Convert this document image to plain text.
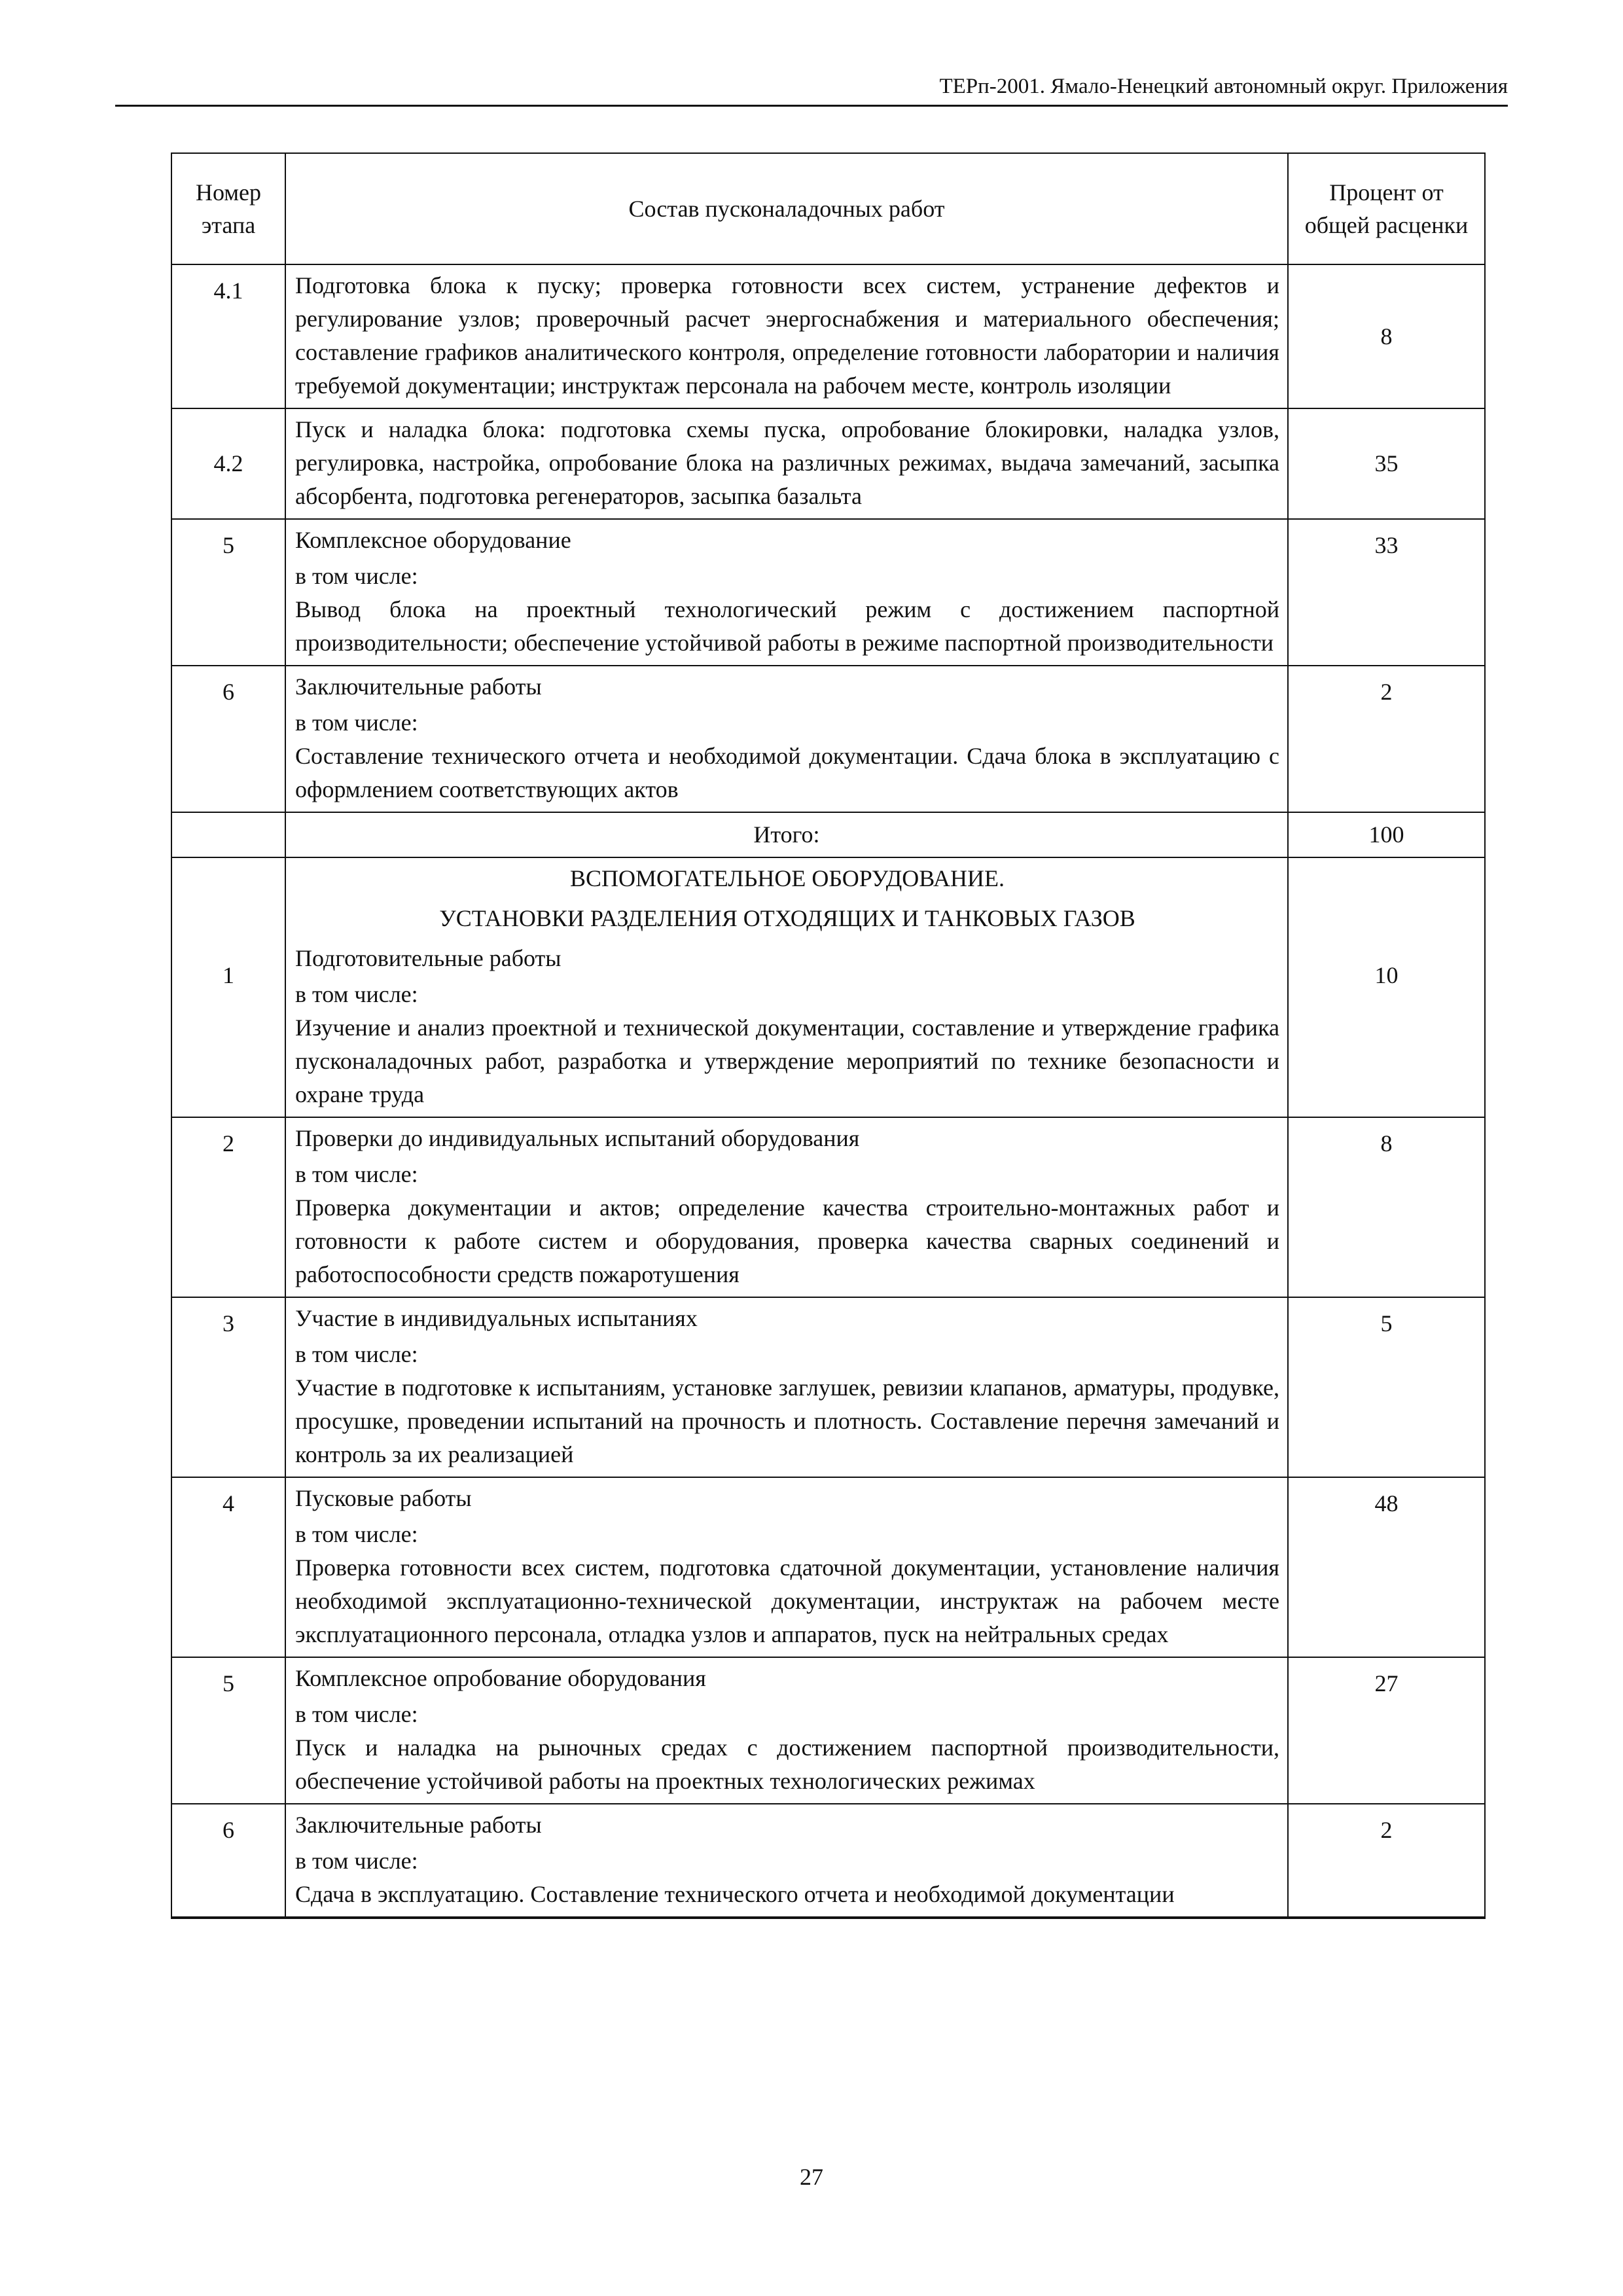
ТЕРп-2001. Ямало-Ненецкий автономный округ. Приложения
Номер этапа	Состав пусконаладочных работ	Процент от общей расценки
4.1	Подготовка блока к пуску; проверка готовности всех систем, устранение дефектов и регулирование узлов; проверочный расчет энергоснабжения и материального обеспечения; составление графиков аналитического контроля, определение готовности лаборатории и наличия требуемой документации; инструктаж персонала на рабочем месте, контроль изоляции	8
4.2	Пуск и наладка блока: подготовка схемы пуска, опробование блокировки, наладка узлов, регулировка, настройка, опробование блока на различных режимах, выдача замечаний, засыпка абсорбента, подготовка регенераторов, засыпка базальта	35
5	Комплексное оборудование
в том числе:
Вывод блока на проектный технологический режим с достижением паспортной производительности; обеспечение устойчивой работы в режиме паспортной производительности	33
6	Заключительные работы
в том числе:
Составление технического отчета и необходимой документации. Сдача блока в эксплуатацию с оформлением соответствующих актов	2
	Итого:	100
1	ВСПОМОГАТЕЛЬНОЕ ОБОРУДОВАНИЕ.
УСТАНОВКИ РАЗДЕЛЕНИЯ ОТХОДЯЩИХ И ТАНКОВЫХ ГАЗОВ
Подготовительные работы
в том числе:
Изучение и анализ проектной и технической документации, составление и утверждение графика пусконаладочных работ, разработка и утверждение мероприятий по технике безопасности и охране труда	10
2	Проверки до индивидуальных испытаний оборудования
в том числе:
Проверка документации и актов; определение качества строительно-монтажных работ и готовности к работе систем и оборудования, проверка качества сварных соединений и работоспособности средств пожаротушения	8
3	Участие в индивидуальных испытаниях
в том числе:
Участие в подготовке к испытаниям, установке заглушек, ревизии клапанов, арматуры, продувке, просушке, проведении испытаний на прочность и плотность. Составление перечня замечаний и контроль за их реализацией	5
4	Пусковые работы
в том числе:
Проверка готовности всех систем, подготовка сдаточной документации, установление наличия необходимой эксплуатационно-технической документации, инструктаж на рабочем месте эксплуатационного персонала, отладка узлов и аппаратов, пуск на нейтральных средах	48
5	Комплексное опробование оборудования
в том числе:
Пуск и наладка на рыночных средах с достижением паспортной производительности, обеспечение устойчивой работы на проектных технологических режимах	27
6	Заключительные работы
в том числе:
Сдача в эксплуатацию. Составление технического отчета и необходимой документации	2
27
